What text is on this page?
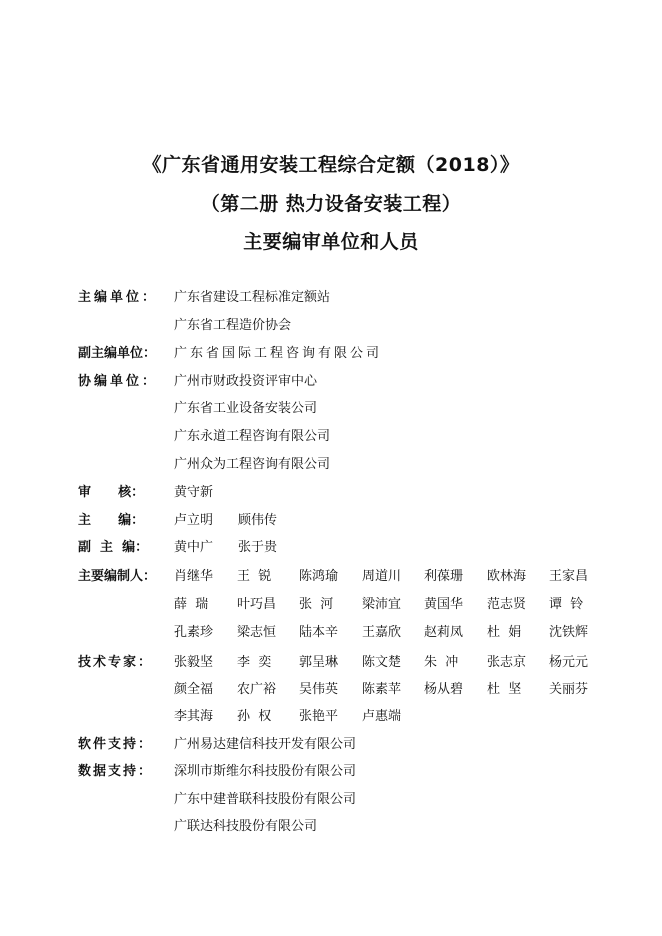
《广东省通用安装工程综合定额（2018）》
（第二册 热力设备安装工程）
主要编审单位和人员
主编单位：	广东省建设工程标准定额站
广东省工程造价协会
副主编单位：	广东省国际工程咨询有限公司
协编单位：	广州市财政投资评审中心
广东省工业设备安装公司
广东永道工程咨询有限公司
广州众为工程咨询有限公司
审      核：	黄守新
主      编：	卢立明 顾伟传
副  主  编：	黄中广 张于贵
主要编制人：	肖继华 王  锐 陈鸿瑜 周道川 利葆珊 欧林海 王家昌
薛  瑞 叶巧昌 张  河 梁沛宜 黄国华 范志贤 谭  铃
孔素珍 梁志恒 陆本辛 王嘉欣 赵莉凤 杜  娟 沈铁辉
技术专家：	张毅坚 李  奕 郭呈琳 陈文楚 朱  冲 张志京 杨元元
颜全福 农广裕 吴伟英 陈素苹 杨从碧 杜  坚 关丽芬
李其海 孙  权 张艳平 卢惠端
软件支持：	广州易达建信科技开发有限公司
数据支持：	深圳市斯维尔科技股份有限公司
广东中建普联科技股份有限公司
广联达科技股份有限公司
